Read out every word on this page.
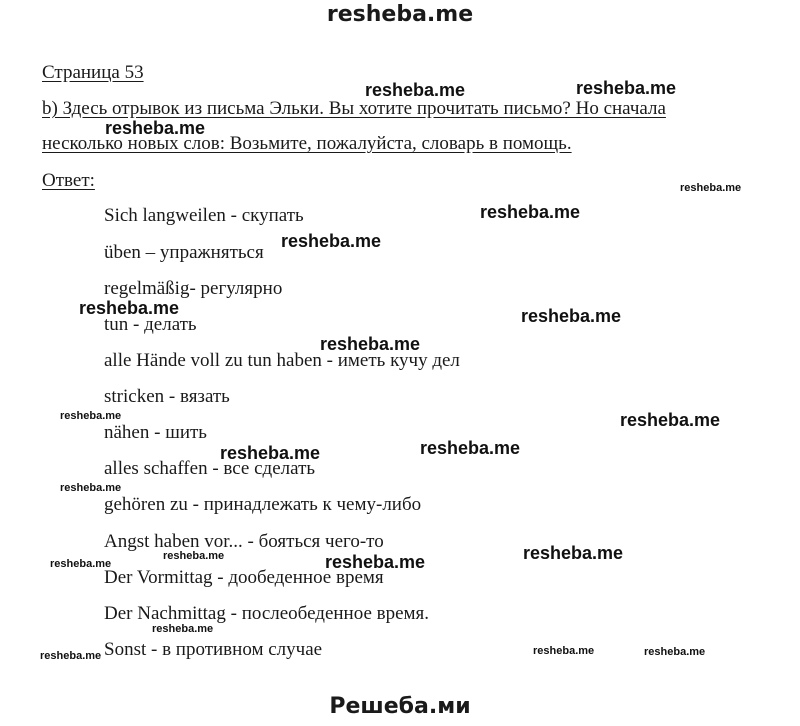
resheba.me
Страница 53
b) Здесь отрывок из письма Эльки. Вы хотите прочитать письмо? Но сначала
несколько новых слов: Возьмите, пожалуйста, словарь в помощь.
Ответ:
Sich langweilen - скупать
üben – упражняться
regelmäßig- регулярно
tun - делать
alle Hände voll zu tun haben - иметь кучу дел
stricken - вязать
nähen - шить
alles schaffen - все сделать
gehören zu - принадлежать к чему-либо
Angst haben vor... - бояться чего-то
Der Vormittag - дообеденное время
Der Nachmittag - послеобеденное время.
Sonst - в противном случае
resheba.me	resheba.me
resheba.me
resheba.me
resheba.me
resheba.me
resheba.me	resheba.me
resheba.me
resheba.me	resheba.me
resheba.me	resheba.me
resheba.me
resheba.me
resheba.me	resheba.me	resheba.me
resheba.me
resheba.me	resheba.me	resheba.me
Решеба.ми
